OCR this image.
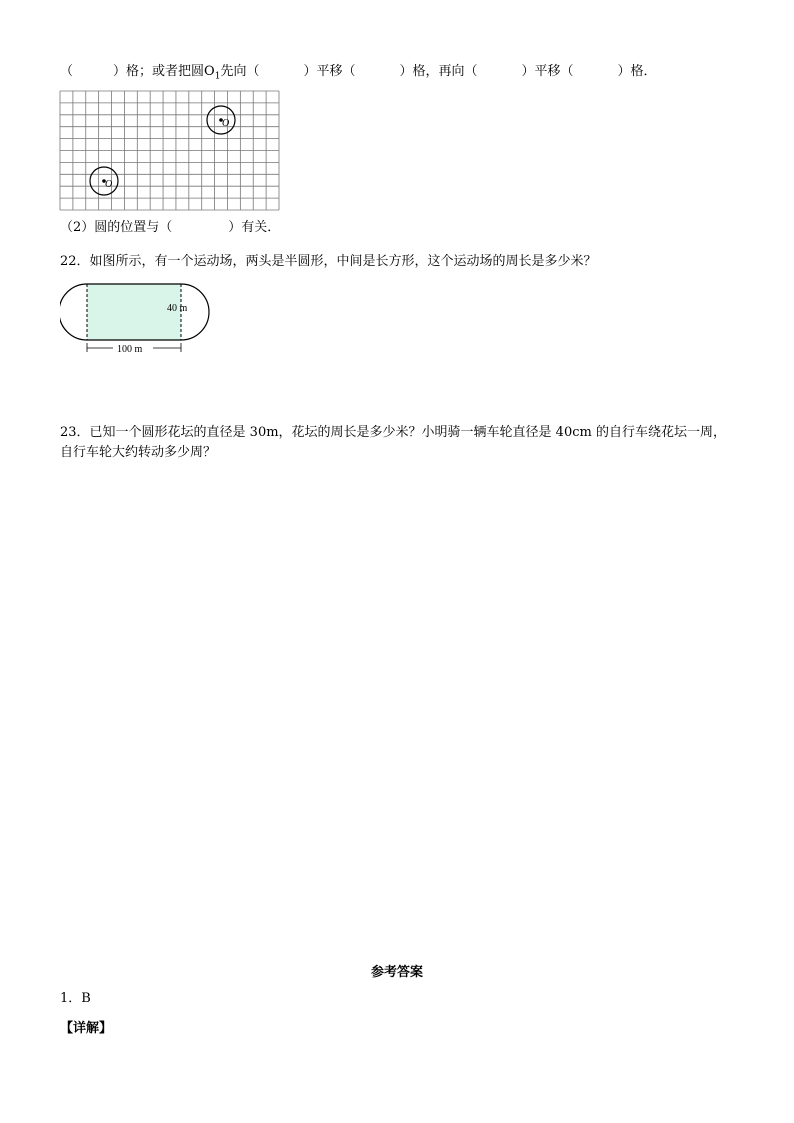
（	）格；或者把圆$O_1$先向（	）平移（	）格，再向（	）平移（	）格．
O
O
（2）圆的位置与（	）有关．
22．如图所示，有一个运动场，两头是半圆形，中间是长方形，这个运动场的周长是多少米？
40 m
100 m
23．已知一个圆形花坛的直径是 30m，花坛的周长是多少米？小明骑一辆车轮直径是 40cm 的自行车绕花坛一周，
自行车轮大约转动多少周？
参考答案
1．B
【详解】
